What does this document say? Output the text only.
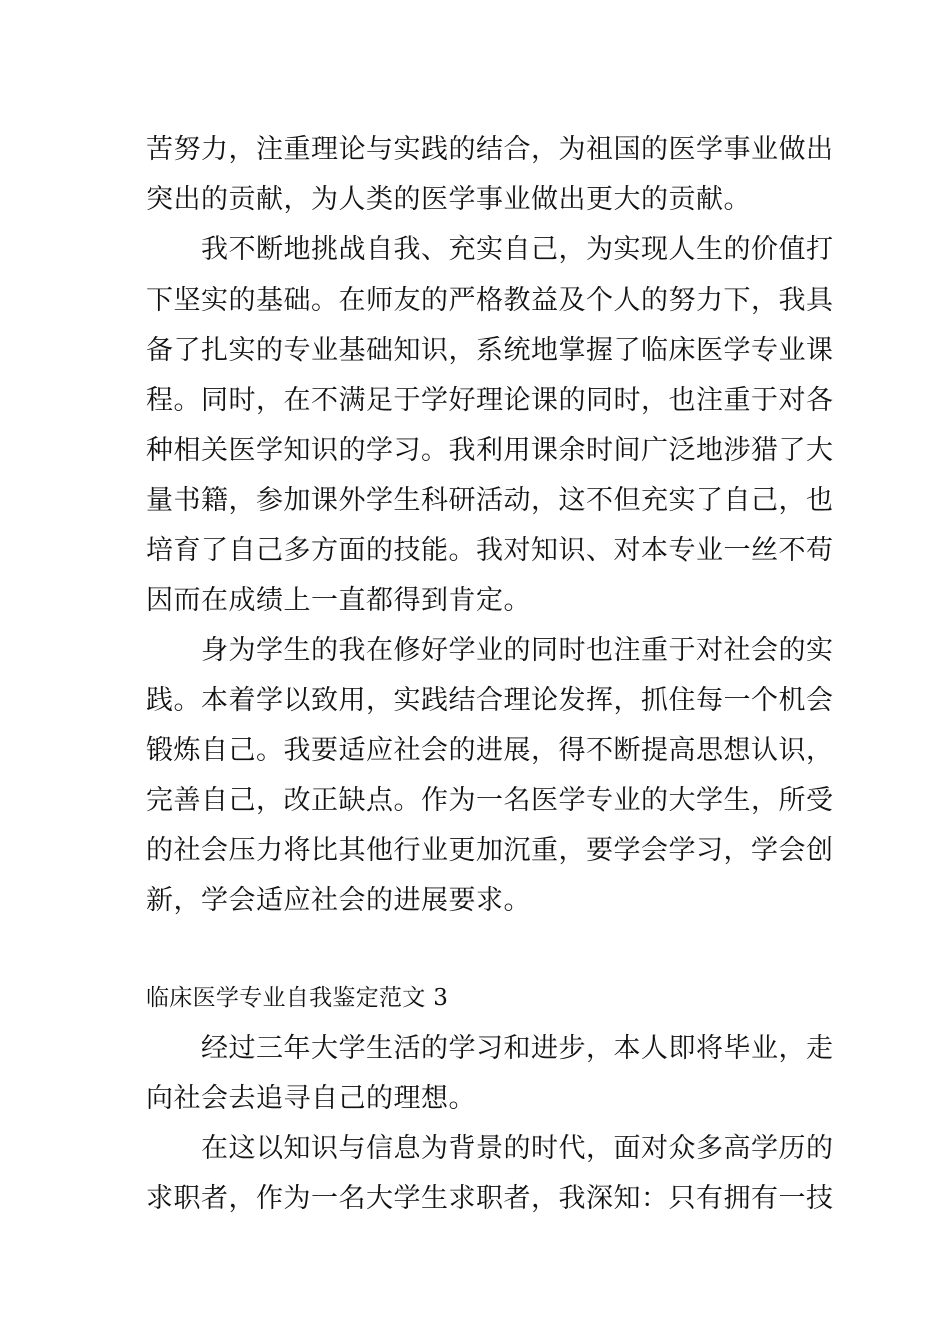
苦努力，注重理论与实践的结合，为祖国的医学事业做出
突出的贡献，为人类的医学事业做出更大的贡献。
我不断地挑战自我、充实自己，为实现人生的价值打
下坚实的基础。在师友的严格教益及个人的努力下，我具
备了扎实的专业基础知识，系统地掌握了临床医学专业课
程。同时，在不满足于学好理论课的同时，也注重于对各
种相关医学知识的学习。我利用课余时间广泛地涉猎了大
量书籍，参加课外学生科研活动，这不但充实了自己，也
培育了自己多方面的技能。我对知识、对本专业一丝不苟
因而在成绩上一直都得到肯定。
身为学生的我在修好学业的同时也注重于对社会的实
践。本着学以致用，实践结合理论发挥，抓住每一个机会
锻炼自己。我要适应社会的进展，得不断提高思想认识，
完善自己，改正缺点。作为一名医学专业的大学生，所受
的社会压力将比其他行业更加沉重，要学会学习，学会创
新，学会适应社会的进展要求。
临床医学专业自我鉴定范文 3
经过三年大学生活的学习和进步，本人即将毕业，走
向社会去追寻自己的理想。
在这以知识与信息为背景的时代，面对众多高学历的
求职者，作为一名大学生求职者，我深知：只有拥有一技
